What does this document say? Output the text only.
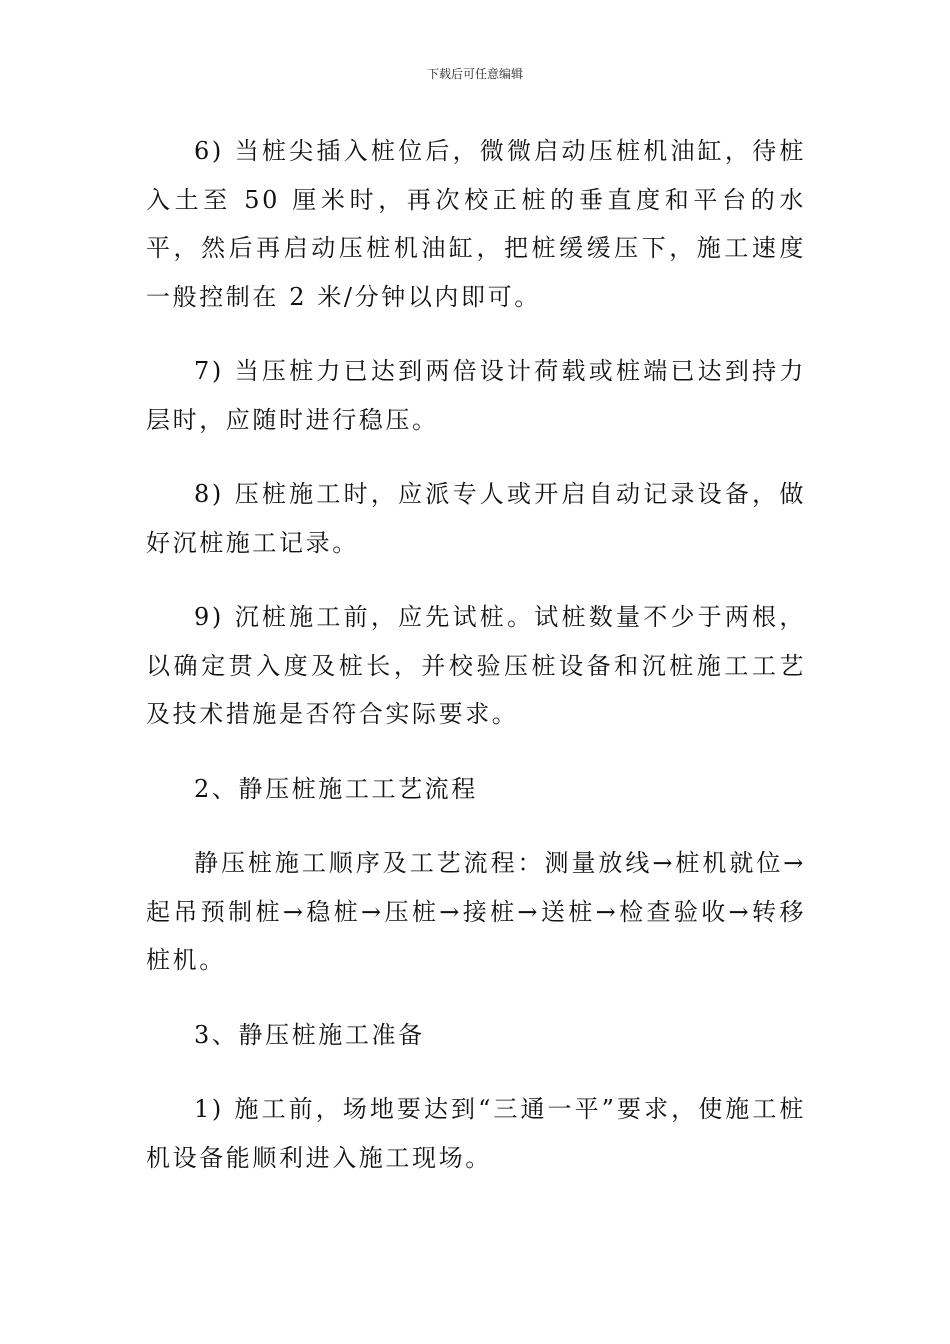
下载后可任意编辑

6) 当桩尖插入桩位后，微微启动压桩机油缸，待桩入土至 50 厘米时，再次校正桩的垂直度和平台的水平，然后再启动压桩机油缸，把桩缓缓压下，施工速度一般控制在 2 米/分钟以内即可。

7) 当压桩力已达到两倍设计荷载或桩端已达到持力层时，应随时进行稳压。

8) 压桩施工时，应派专人或开启自动记录设备，做好沉桩施工记录。

9) 沉桩施工前，应先试桩。试桩数量不少于两根，以确定贯入度及桩长，并校验压桩设备和沉桩施工工艺及技术措施是否符合实际要求。

2、静压桩施工工艺流程

静压桩施工顺序及工艺流程：测量放线→桩机就位→起吊预制桩→稳桩→压桩→接桩→送桩→检查验收→转移桩机。

3、静压桩施工准备

1) 施工前，场地要达到“三通一平”要求，使施工桩机设备能顺利进入施工现场。
